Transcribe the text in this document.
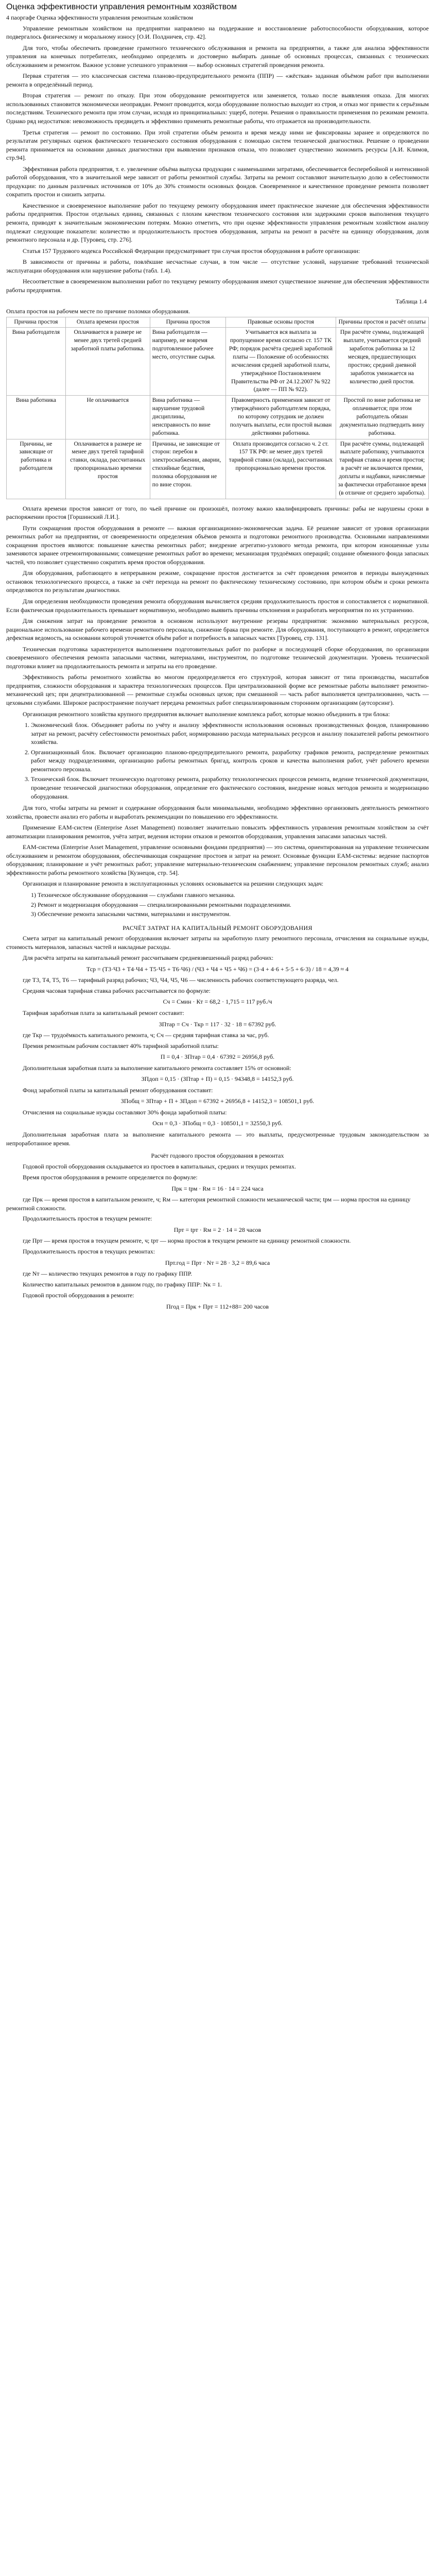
Оценка эффективности управления ремонтным хозяйством
4 паоргафе Оценка эффективности управления ремонтным хозяйством

Управление ремонтным хозяйством на предприятии направлено на поддержание и восстановление работоспособности оборудования, которое подвергалось физическому и моральному износу [О.И. Полдничев, стр. 42].

Для того, чтобы обеспечить проведение грамотного технического обслуживания и ремонта на предприятии, а также для анализа эффективности управления на конечных потребителях, необходимо определять и достоверно выбирать данные об основных процессах, связанных с технических обслуживанием и ремонтом. Важное условие успешного управления — выбор основных стратегий проведения ремонта.

Первая стратегия — это классическая система планово-предупредительного ремонта (ППР) — «жёсткая» заданная объёмом работ при выполнении ремонта в определённый период.

Вторая стратегия — ремонт по отказу. При этом оборудование ремонтируется или заменяется, только после выявления отказа. Для многих использованных становится экономически неоправдан. Ремонт проводится, когда оборудование полностью выходит из строя, и отказ мог привести к серьёзным последствиям. Технического ремонта при этом случаи, исходя из принципиальных: ущерб, потери. Решения о правильности применения по режимам ремонта. Однако ряд недостатков: невозможность предвидеть и эффективно применять ремонтные работы, что отражается на производительности.

Третья стратегия — ремонт по состоянию. При этой стратегии объём ремонта и время между ними не фиксированы заранее и определяются по результатам регулярных оценок фактического технического состояния оборудования с помощью систем технической диагностики. Решение о проведении ремонта принимается на основании данных диагностики при выявлении признаков отказа, что позволяет существенно экономить ресурсы [А.И. Климов, стр.94].

Эффективная работа предприятия, т. е. увеличение объёма выпуска продукции с наименьшими затратами, обеспечивается бесперебойной и интенсивной работой оборудования, что в значительной мере зависит от работы ремонтной службы. Затраты на ремонт составляют значительную долю в себестоимости продукции: по данным различных источников от 10% до 30% стоимости основных фондов. Своевременное и качественное проведение ремонта позволяет сократить простои и снизить затраты.

Качественное и своевременное выполнение работ по текущему ремонту оборудования имеет практическое значение для обеспечения эффективности работы предприятия. Простои отдельных единиц, связанных с плохим качеством технического состояния или задержками сроков выполнения текущего ремонта, приводят к значительным экономическим потерям. Можно отметить, что при оценке эффективности управления ремонтным хозяйством анализу подлежат следующие показатели: количество и продолжительность простоев оборудования, затраты на ремонт в расчёте на единицу оборудования, доля ремонтного персонала и др. [Туровец, стр. 276].

Статья 157 Трудового кодекса Российской Федерации предусматривает три случая простоя оборудования в работе организации:

В зависимости от причины и работы, повлёкшие несчастные случаи, в том числе — отсутствие условий, нарушение требований технической эксплуатации оборудования или нарушение работы (табл. 1.4).

Несоответствие в своевременном выполнении работ по текущему ремонту оборудования имеют существенное значение для обеспечения эффективности работы предприятия.

Таблица 1.4

Оплата простоя на рабочем месте по причине поломки оборудования.

Причина простоя	Оплата времени простоя	Причина простоя	Правовые основы простоя	Причины простоя и расчёт оплаты
Вина работодателя	Оплачивается в размере не менее двух третей средней заработной платы работника.	Вина работодателя — например, не вовремя подготовленное рабочее место, отсутствие сырья.	Учитывается вся выплата за пропущенное время согласно ст. 157 ТК РФ; порядок расчёта средней заработной платы — Положение об особенностях исчисления средней заработной платы, утверждённое Постановлением Правительства РФ от 24.12.2007 № 922 (далее — ПП № 922).	При расчёте суммы, подлежащей выплате, учитывается средний заработок работника за 12 месяцев, предшествующих простою; средний дневной заработок умножается на количество дней простоя.
Вина работника	Не оплачивается	Вина работника — нарушение трудовой дисциплины, неисправность по вине работника.	Правомерность применения зависит от утверждённого работодателем порядка, по которому сотрудник не должен получать выплаты, если простой вызван действиями работника.	Простой по вине работника не оплачивается; при этом работодатель обязан документально подтвердить вину работника.
Причины, не зависящие от работника и работодателя	Оплачивается в размере не менее двух третей тарифной ставки, оклада, рассчитанных пропорционально времени простоя	Причины, не зависящие от сторон: перебои в электроснабжении, аварии, стихийные бедствия, поломка оборудования не по вине сторон.	Оплата производится согласно ч. 2 ст. 157 ТК РФ: не менее двух третей тарифной ставки (оклада), рассчитанных пропорционально времени простоя.	При расчёте суммы, подлежащей выплате работнику, учитываются тарифная ставка и время простоя; в расчёт не включаются премии, доплаты и надбавки, начисляемые за фактически отработанное время (в отличие от среднего заработка).

Оплата времени простоя зависит от того, по чьей причине он произошёл, поэтому важно квалифицировать причины: рабы не нарушены сроки в распоряжении простоя [Горшинский Л.И.].

Пути сокращения простоя оборудования в ремонте — важная организационно-экономическая задача. Её решение зависит от уровня организации ремонтных работ на предприятии, от своевременности определения объёмов ремонта и подготовки ремонтного производства. Основными направлениями сокращения простоев являются: повышение качества ремонтных работ; внедрение агрегатно-узлового метода ремонта, при котором изношенные узлы заменяются заранее отремонтированными; совмещение ремонтных работ во времени; механизация трудоёмких операций; создание обменного фонда запасных частей, что позволяет существенно сократить время простоя оборудования.

Для оборудования, работающего в непрерывном режиме, сокращение простоя достигается за счёт проведения ремонтов в периоды вынужденных остановок технологического процесса, а также за счёт перехода на ремонт по фактическому техническому состоянию, при котором объём и сроки ремонта определяются по результатам диагностики.

Для определения необходимости проведения ремонта оборудования вычисляется средняя продолжительность простоя и сопоставляется с нормативной. Если фактическая продолжительность превышает нормативную, необходимо выявить причины отклонения и разработать мероприятия по их устранению.

Для снижения затрат на проведение ремонтов в основном используют внутренние резервы предприятия: экономию материальных ресурсов, рациональное использование рабочего времени ремонтного персонала, снижение брака при ремонте. Для оборудования, поступающего в ремонт, определяется дефектная ведомость, на основании которой уточняется объём работ и потребность в запасных частях [Туровец, стр. 131].

Техническая подготовка характеризуется выполнением подготовительных работ по разборке и последующей сборке оборудования, по организации своевременного обеспечения ремонта запасными частями, материалами, инструментом, по подготовке технической документации. Уровень технической подготовки влияет на продолжительность ремонта и затраты на его проведение.

Эффективность работы ремонтного хозяйства во многом предопределяется его структурой, которая зависит от типа производства, масштабов предприятия, сложности оборудования и характера технологических процессов. При централизованной форме все ремонтные работы выполняет ремонтно-механический цех; при децентрализованной — ремонтные службы основных цехов; при смешанной — часть работ выполняется централизованно, часть — цеховыми службами. Широкое распространение получает передача ремонтных работ специализированным сторонним организациям (аутсорсинг).

Организация ремонтного хозяйства крупного предприятия включает выполнение комплекса работ, которые можно объединить в три блока:

1. Экономический блок. Объединяет работы по учёту и анализу эффективности использования основных производственных фондов, планированию затрат на ремонт, расчёту себестоимости ремонтных работ, нормированию расхода материальных ресурсов и анализу показателей работы ремонтного хозяйства.
2. Организационный блок. Включает организацию планово-предупредительного ремонта, разработку графиков ремонта, распределение ремонтных работ между подразделениями, организацию работы ремонтных бригад, контроль сроков и качества выполнения работ, учёт рабочего времени ремонтного персонала.
3. Технический блок. Включает техническую подготовку ремонта, разработку технологических процессов ремонта, ведение технической документации, проведение технической диагностики оборудования, определение его фактического состояния, внедрение новых методов ремонта и модернизацию оборудования.

Для того, чтобы затраты на ремонт и содержание оборудования были минимальными, необходимо эффективно организовать деятельность ремонтного хозяйства, провести анализ его работы и выработать рекомендации по повышению его эффективности.

Применение EAM-систем (Enterprise Asset Management) позволяет значительно повысить эффективность управления ремонтным хозяйством за счёт автоматизации планирования ремонтов, учёта затрат, ведения истории отказов и ремонтов оборудования, управления запасами запасных частей.

EAM-система (Enterprise Asset Management, управление основными фондами предприятия) — это система, ориентированная на управление техническим обслуживанием и ремонтом оборудования, обеспечивающая сокращение простоев и затрат на ремонт. Основные функции EAM-системы: ведение паспортов оборудования; планирование и учёт ремонтных работ; управление материально-техническим снабжением; управление персоналом ремонтных служб; анализ эффективности работы ремонтного хозяйства [Кузнецов, стр. 54].

Организация и планирование ремонта в эксплуатационных условиях основывается на решении следующих задач:

1) Техническое обслуживание оборудования — службами главного механика.
2) Ремонт и модернизация оборудования — специализированными ремонтными подразделениями.
3) Обеспечение ремонта запасными частями, материалами и инструментом.
РАСЧЁТ ЗАТРАТ НА КАПИТАЛЬНЫЙ РЕМОНТ ОБОРУДОВАНИЯ

Смета затрат на капитальный ремонт оборудования включает затраты на заработную плату ремонтного персонала, отчисления на социальные нужды, стоимость материалов, запасных частей и накладные расходы.

Для расчёта затраты на капитальный ремонт рассчитываем средневзвешенный разряд рабочих:

Тср = (Т3·Ч3 + Т4·Ч4 + Т5·Ч5 + Т6·Ч6) / (Ч3 + Ч4 + Ч5 + Ч6) = (3·4 + 4·6 + 5·5 + 6·3) / 18 = 4,39 ≈ 4

где Т3, Т4, Т5, Т6 — тарифный разряд рабочих; Ч3, Ч4, Ч5, Ч6 — численность рабочих соответствующего разряда, чел.

Средняя часовая тарифная ставка рабочих рассчитывается по формуле:

Сч = Смин · Кт = 68,2 · 1,715 = 117 руб./ч

Тарифная заработная плата за капитальный ремонт составит:

ЗПтар = Сч · Ткр = 117 · 32 · 18 = 67392 руб.

где Ткр — трудоёмкость капитального ремонта, ч; Сч — средняя тарифная ставка за час, руб.

Премия ремонтным рабочим составляет 40% тарифной заработной платы:

П = 0,4 · ЗПтар = 0,4 · 67392 = 26956,8 руб.

Дополнительная заработная плата за выполнение капитального ремонта составляет 15% от основной:

ЗПдоп = 0,15 · (ЗПтар + П) = 0,15 · 94348,8 = 14152,3 руб.

Фонд заработной платы за капитальный ремонт оборудования составит:

ЗПобщ = ЗПтар + П + ЗПдоп = 67392 + 26956,8 + 14152,3 = 108501,1 руб.

Отчисления на социальные нужды составляют 30% фонда заработной платы:

Осн = 0,3 · ЗПобщ = 0,3 · 108501,1 = 32550,3 руб.

Дополнительная заработная плата за выполнение капитального ремонта — это выплаты, предусмотренные трудовым законодательством за непроработанное время.

Расчёт годового простоя оборудования в ремонтах

Годовой простой оборудования складывается из простоев в капитальных, средних и текущих ремонтах.

Время простоя оборудования в ремонте определяется по формуле:

Прк = tрм · Rм = 16 · 14 = 224 часа

где Прк — время простоя в капитальном ремонте, ч; Rм — категория ремонтной сложности механической части; tрм — норма простоя на единицу ремонтной сложности.

Продолжительность простоя в текущем ремонте:

Прт = tрт · Rм = 2 · 14 = 28 часов

где Прт — время простоя в текущем ремонте, ч; tрт — норма простоя в текущем ремонте на единицу ремонтной сложности.

Продолжительность простоя в текущих ремонтах:

Прт.год = Прт · Nт = 28 · 3,2 = 89,6 часа

где Nт — количество текущих ремонтов в году по графику ППР.

Количество капитальных ремонтов в данном году, по графику ППР: Nк = 1.

Годовой простой оборудования в ремонте:

Пгод = Прк + Прт = 112+88= 200 часов
